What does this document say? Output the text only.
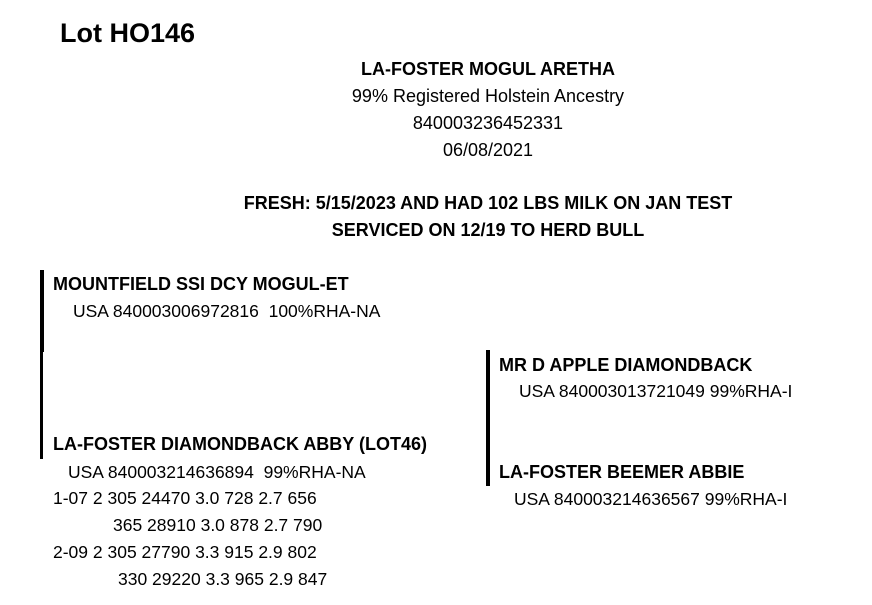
Lot HO146
LA-FOSTER MOGUL ARETHA
99% Registered Holstein Ancestry
840003236452331
06/08/2021
FRESH: 5/15/2023 AND HAD 102 LBS MILK ON JAN TEST
SERVICED ON 12/19 TO HERD BULL
MOUNTFIELD SSI DCY MOGUL-ET
USA 840003006972816  100%RHA-NA
LA-FOSTER DIAMONDBACK ABBY (LOT46)
USA 840003214636894  99%RHA-NA
1-07 2 305 24470 3.0 728 2.7 656
365 28910 3.0 878 2.7 790
2-09 2 305 27790 3.3 915 2.9 802
330 29220 3.3 965 2.9 847
MR D APPLE DIAMONDBACK
USA 840003013721049 99%RHA-I
LA-FOSTER BEEMER ABBIE
USA 840003214636567 99%RHA-I
